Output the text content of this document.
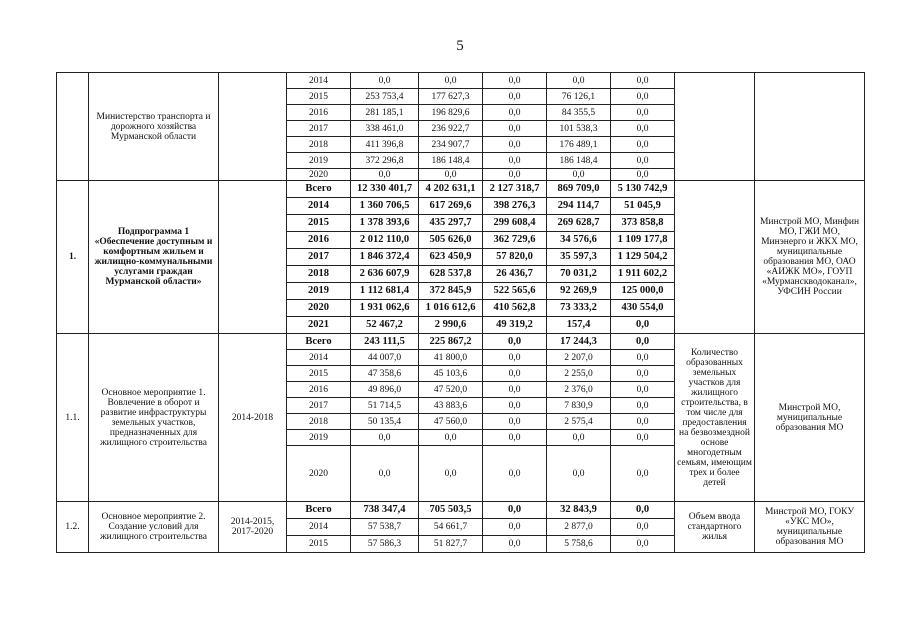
5
	Министерство транспорта и дорожного хозяйства Мурманской области		2014	0,0	0,0	0,0	0,0	0,0		
			2015	253 753,4	177 627,3	0,0	76 126,1	0,0		
			2016	281 185,1	196 829,6	0,0	84 355,5	0,0		
			2017	338 461,0	236 922,7	0,0	101 538,3	0,0		
			2018	411 396,8	234 907,7	0,0	176 489,1	0,0		
			2019	372 296,8	186 148,4	0,0	186 148,4	0,0		
			2020	0,0	0,0	0,0	0,0	0,0		
1.	Подпрограмма 1 «Обеспечение доступным и комфортным жильем и жилищно-коммунальными услугами граждан Мурманской области»		Всего	12 330 401,7	4 202 631,1	2 127 318,7	869 709,0	5 130 742,9		Минстрой МО, Минфин МО, ГЖИ МО, Минэнерго и ЖКХ МО, муниципальные образования МО, ОАО «АИЖК МО», ГОУП «Мурманскводоканал», УФСИН России
			2014	1 360 706,5	617 269,6	398 276,3	294 114,7	51 045,9		
			2015	1 378 393,6	435 297,7	299 608,4	269 628,7	373 858,8		
			2016	2 012 110,0	505 626,0	362 729,6	34 576,6	1 109 177,8		
			2017	1 846 372,4	623 450,9	57 820,0	35 597,3	1 129 504,2		
			2018	2 636 607,9	628 537,8	26 436,7	70 031,2	1 911 602,2		
			2019	1 112 681,4	372 845,9	522 565,6	92 269,9	125 000,0		
			2020	1 931 062,6	1 016 612,6	410 562,8	73 333,2	430 554,0		
			2021	52 467,2	2 990,6	49 319,2	157,4	0,0		
1.1.	Основное мероприятие 1. Вовлечение в оборот и развитие инфраструктуры земельных участков, предназначенных для жилищного строительства	2014-2018	Всего	243 111,5	225 867,2	0,0	17 244,3	0,0	Количество образованных земельных участков для жилищного строительства, в том числе для предоставления на безвозмездной основе многодетным семьям, имеющим трех и более детей	Минстрой МО, муниципальные образования МО
			2014	44 007,0	41 800,0	0,0	2 207,0	0,0		
			2015	47 358,6	45 103,6	0,0	2 255,0	0,0		
			2016	49 896,0	47 520,0	0,0	2 376,0	0,0		
			2017	51 714,5	43 883,6	0,0	7 830,9	0,0		
			2018	50 135,4	47 560,0	0,0	2 575,4	0,0		
			2019	0,0	0,0	0,0	0,0	0,0		
			2020	0,0	0,0	0,0	0,0	0,0		
1.2.	Основное мероприятие 2. Создание условий для жилищного строительства	2014-2015, 2017-2020	Всего	738 347,4	705 503,5	0,0	32 843,9	0,0	Объем ввода стандартного жилья	Минстрой МО, ГОКУ «УКС МО», муниципальные образования МО
			2014	57 538,7	54 661,7	0,0	2 877,0	0,0		
			2015	57 586,3	51 827,7	0,0	5 758,6	0,0		
